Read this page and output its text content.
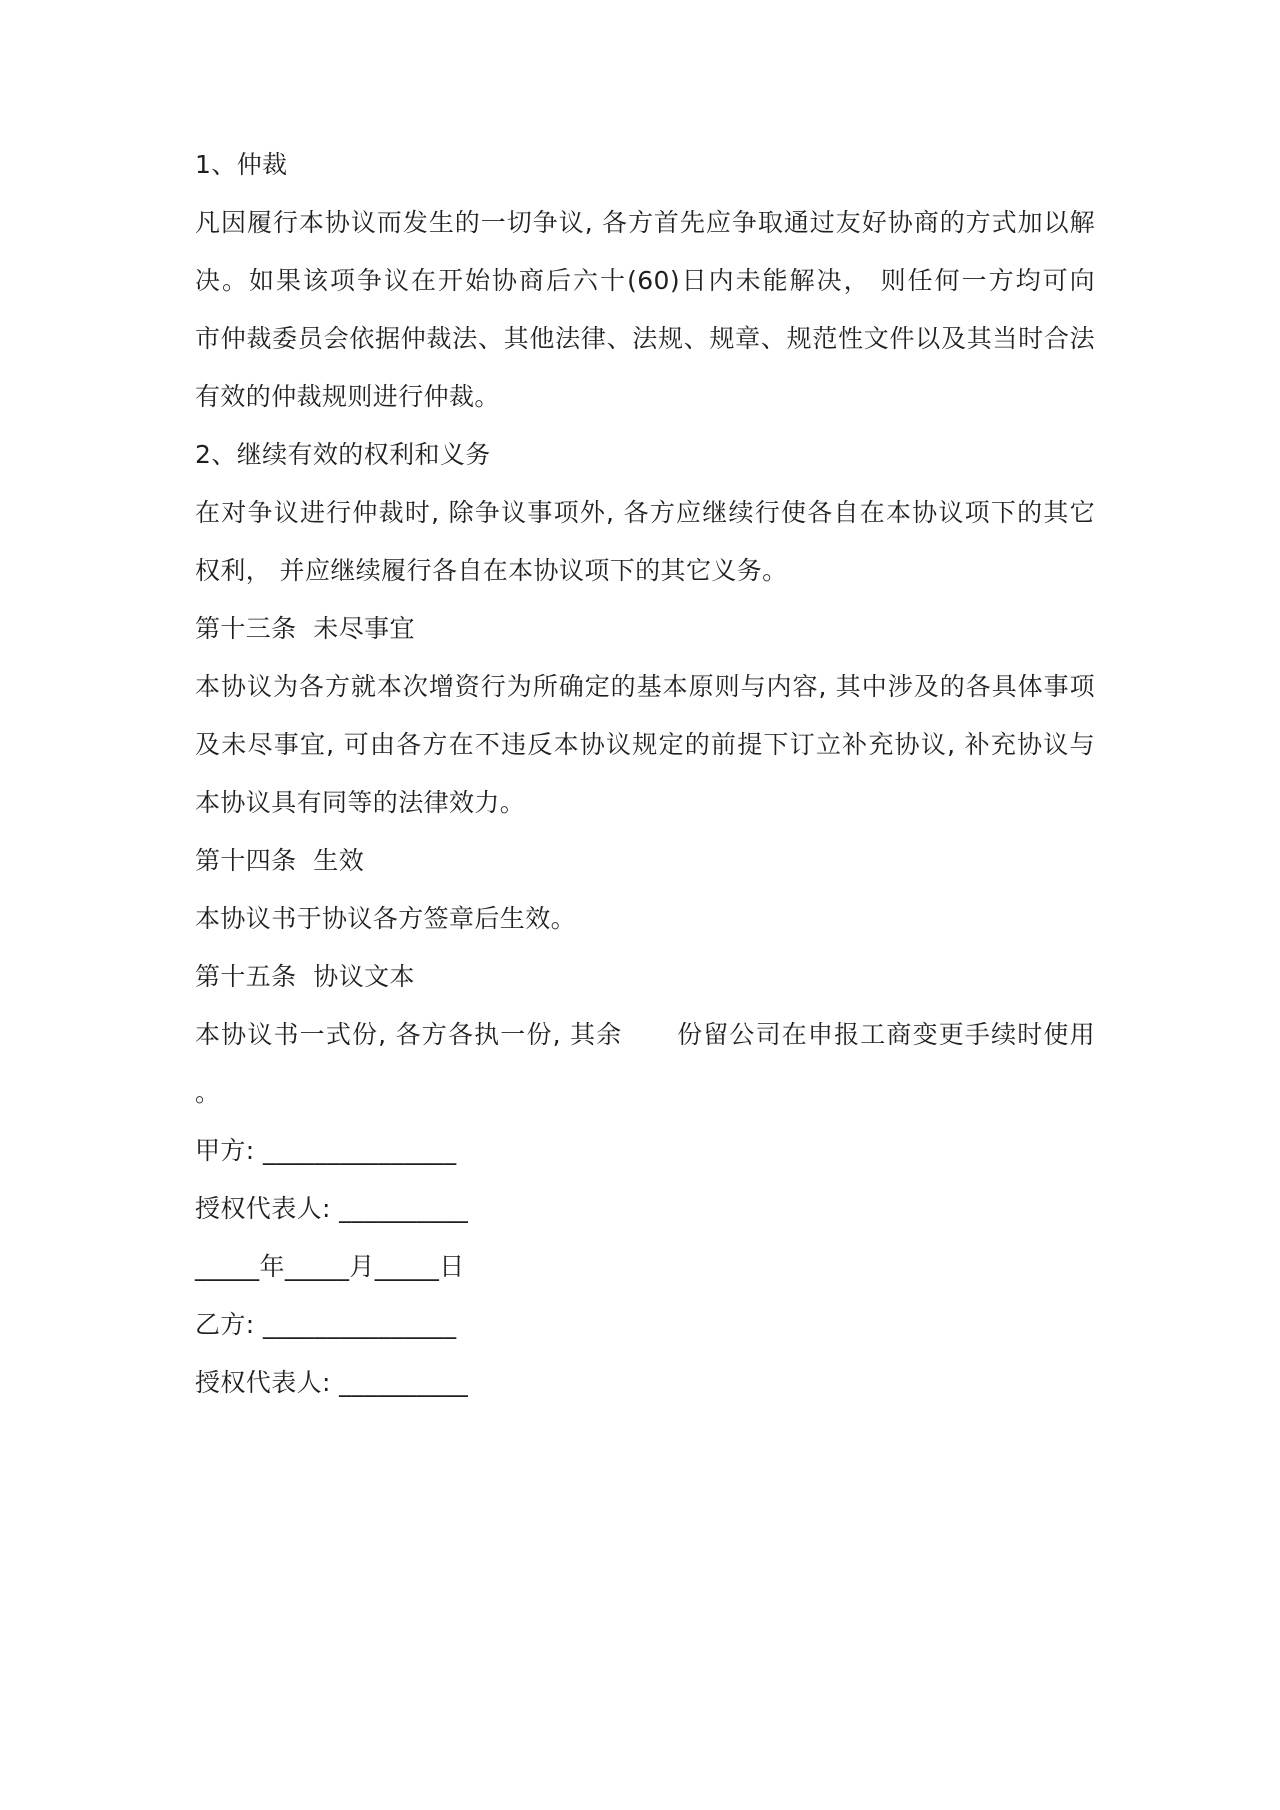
1、仲裁
凡因履行本协议而发生的一切争议, 各方首先应争取通过友好协商的方式加以解
决。如果该项争议在开始协商后六十(60)日内未能解决， 则任何一方均可向
市仲裁委员会依据仲裁法、其他法律、法规、规章、规范性文件以及其当时合法
有效的仲裁规则进行仲裁。
2、继续有效的权利和义务
在对争议进行仲裁时, 除争议事项外, 各方应继续行使各自在本协议项下的其它
权利， 并应继续履行各自在本协议项下的其它义务。
第十三条  未尽事宜
本协议为各方就本次增资行为所确定的基本原则与内容, 其中涉及的各具体事项
及未尽事宜, 可由各方在不违反本协议规定的前提下订立补充协议, 补充协议与
本协议具有同等的法律效力。
第十四条  生效
本协议书于协议各方签章后生效。
第十五条  协议文本
本协议书一式份, 各方各执一份, 其余      份留公司在申报工商变更手续时使用
。
甲方: _______________
授权代表人: __________
_____年_____月_____日
乙方: _______________
授权代表人: __________
